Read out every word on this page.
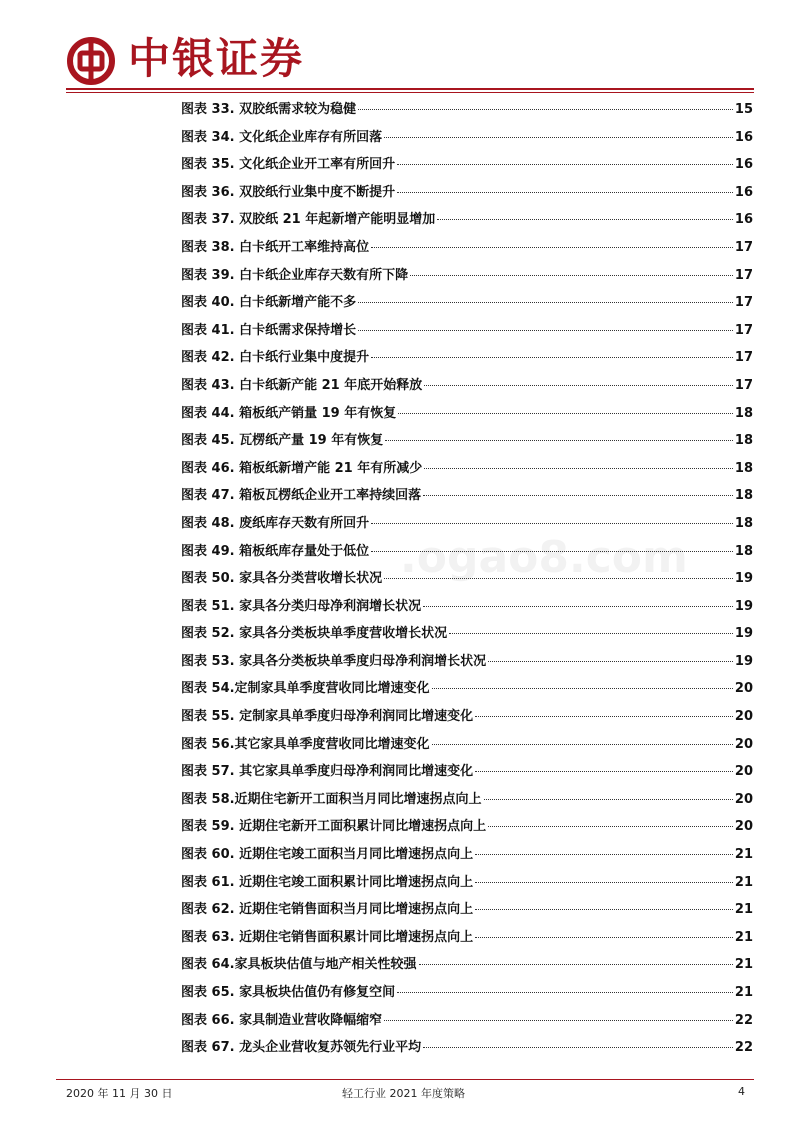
中银证券
.ogao8.com
图表 33. 双胶纸需求较为稳健	15
图表 34. 文化纸企业库存有所回落	16
图表 35. 文化纸企业开工率有所回升	16
图表 36. 双胶纸行业集中度不断提升	16
图表 37. 双胶纸 21 年起新增产能明显增加	16
图表 38. 白卡纸开工率维持高位	17
图表 39. 白卡纸企业库存天数有所下降	17
图表 40. 白卡纸新增产能不多	17
图表 41. 白卡纸需求保持增长	17
图表 42. 白卡纸行业集中度提升	17
图表 43. 白卡纸新产能 21 年底开始释放	17
图表 44. 箱板纸产销量 19 年有恢复	18
图表 45. 瓦楞纸产量 19 年有恢复	18
图表 46. 箱板纸新增产能 21 年有所减少	18
图表 47. 箱板瓦楞纸企业开工率持续回落	18
图表 48. 废纸库存天数有所回升	18
图表 49. 箱板纸库存量处于低位	18
图表 50. 家具各分类营收增长状况	19
图表 51. 家具各分类归母净利润增长状况	19
图表 52. 家具各分类板块单季度营收增长状况	19
图表 53. 家具各分类板块单季度归母净利润增长状况	19
图表 54.定制家具单季度营收同比增速变化	20
图表 55. 定制家具单季度归母净利润同比增速变化	20
图表 56.其它家具单季度营收同比增速变化	20
图表 57. 其它家具单季度归母净利润同比增速变化	20
图表 58.近期住宅新开工面积当月同比增速拐点向上	20
图表 59. 近期住宅新开工面积累计同比增速拐点向上	20
图表 60. 近期住宅竣工面积当月同比增速拐点向上	21
图表 61. 近期住宅竣工面积累计同比增速拐点向上	21
图表 62. 近期住宅销售面积当月同比增速拐点向上	21
图表 63. 近期住宅销售面积累计同比增速拐点向上	21
图表 64.家具板块估值与地产相关性较强	21
图表 65. 家具板块估值仍有修复空间	21
图表 66. 家具制造业营收降幅缩窄	22
图表 67. 龙头企业营收复苏领先行业平均	22
2020 年 11 月 30 日	轻工行业 2021 年度策略	4
